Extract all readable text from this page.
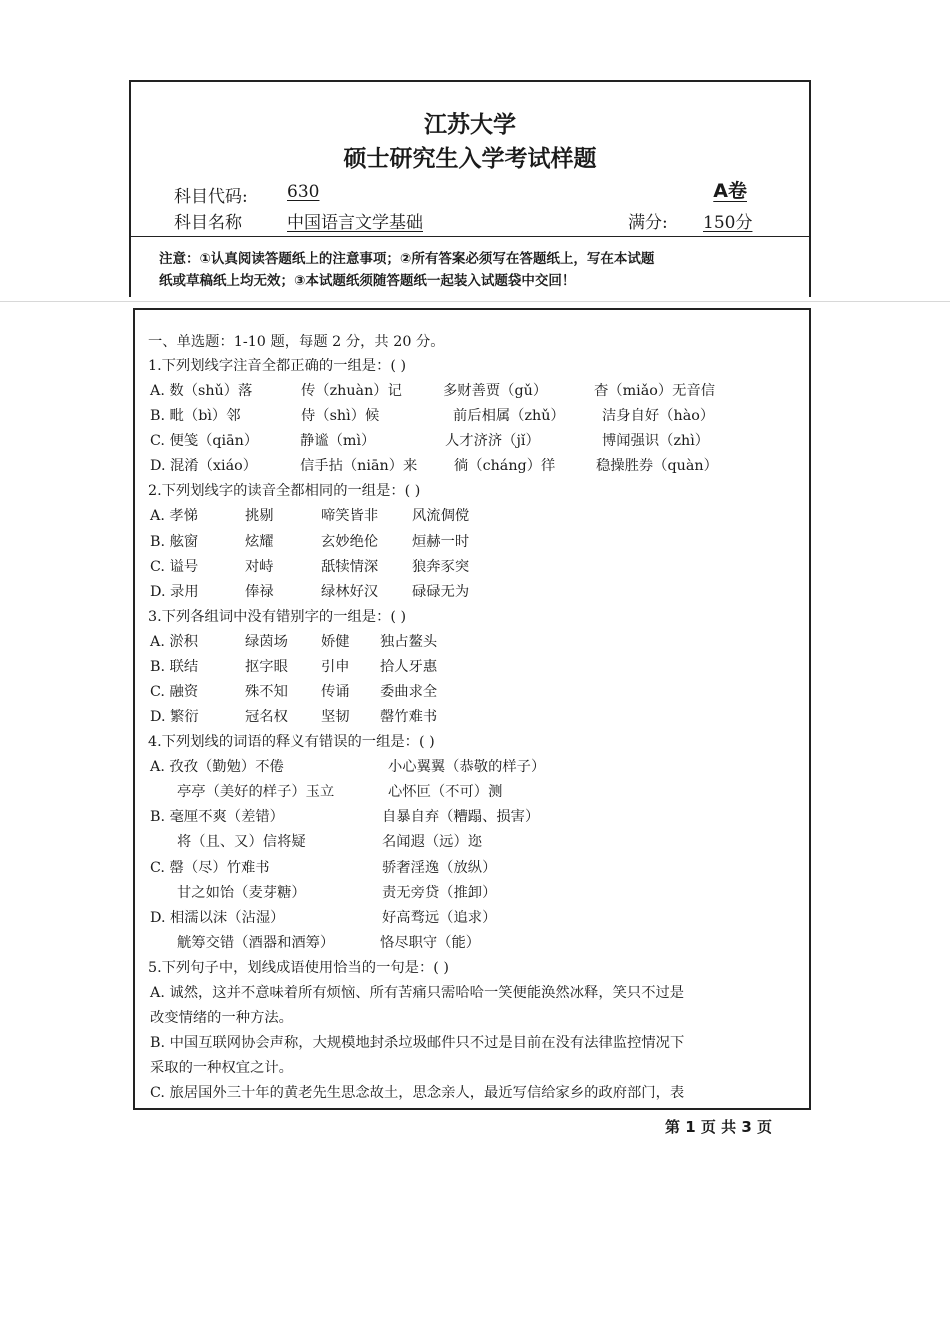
江苏大学
硕士研究生入学考试样题
科目代码: 630	A卷
科目名称	中国语言文学基础	满分: 150分
注意：①认真阅读答题纸上的注意事项；②所有答案必须写在答题纸上，写在本试题
纸或草稿纸上均无效；③本试题纸须随答题纸一起装入试题袋中交回！
一、单选题：1-10 题，每题 2 分，共 20 分。
1.下列划线字注音全都正确的一组是：( )
A. 数（shǔ）落	传（zhuàn）记	多财善贾（gǔ）	杳（miǎo）无音信
B. 毗（bì）邻	侍（shì）候	前后相属（zhǔ）	洁身自好（hào）
C. 便笺（qiān）	静谧（mì）	人才济济（jǐ）	博闻强识（zhì）
D. 混淆（xiáo）	信手拈（niān）来	徜（cháng）徉	稳操胜券（quàn）
2.下列划线字的读音全都相同的一组是：( )
A. 孝悌	挑剔	啼笑皆非 风流倜傥
B. 舷窗	炫耀	玄妙绝伦 烜赫一时
C. 谥号	对峙	舐犊情深 狼奔豕突
D. 录用	俸禄	绿林好汉 碌碌无为
3.下列各组词中没有错别字的一组是：( )
A. 淤积	绿茵场 娇健 独占鳌头
B. 联结	抠字眼 引申 拾人牙惠
C. 融资	殊不知 传诵 委曲求全
D. 繁衍	冠名权 坚韧 罄竹难书
4.下列划线的词语的释义有错误的一组是：( )
A. 孜孜（勤勉）不倦	小心翼翼（恭敬的样子）
亭亭（美好的样子）玉立	心怀叵（不可）测
B. 毫厘不爽（差错）	自暴自弃（糟蹋、损害）
将（且、又）信将疑	名闻遐（远）迩
C. 罄（尽）竹难书	骄奢淫逸（放纵）
甘之如饴（麦芽糖）	责无旁贷（推卸）
D. 相濡以沫（沾湿）	好高骛远（追求）
觥筹交错（酒器和酒筹）	恪尽职守（能）
5.下列句子中，划线成语使用恰当的一句是：( )
A. 诚然，这并不意味着所有烦恼、所有苦痛只需哈哈一笑便能涣然冰释，笑只不过是
改变情绪的一种方法。
B. 中国互联网协会声称，大规模地封杀垃圾邮件只不过是目前在没有法律监控情况下
采取的一种权宜之计。
C. 旅居国外三十年的黄老先生思念故土，思念亲人，最近写信给家乡的政府部门，表
第 1 页 共 3 页
